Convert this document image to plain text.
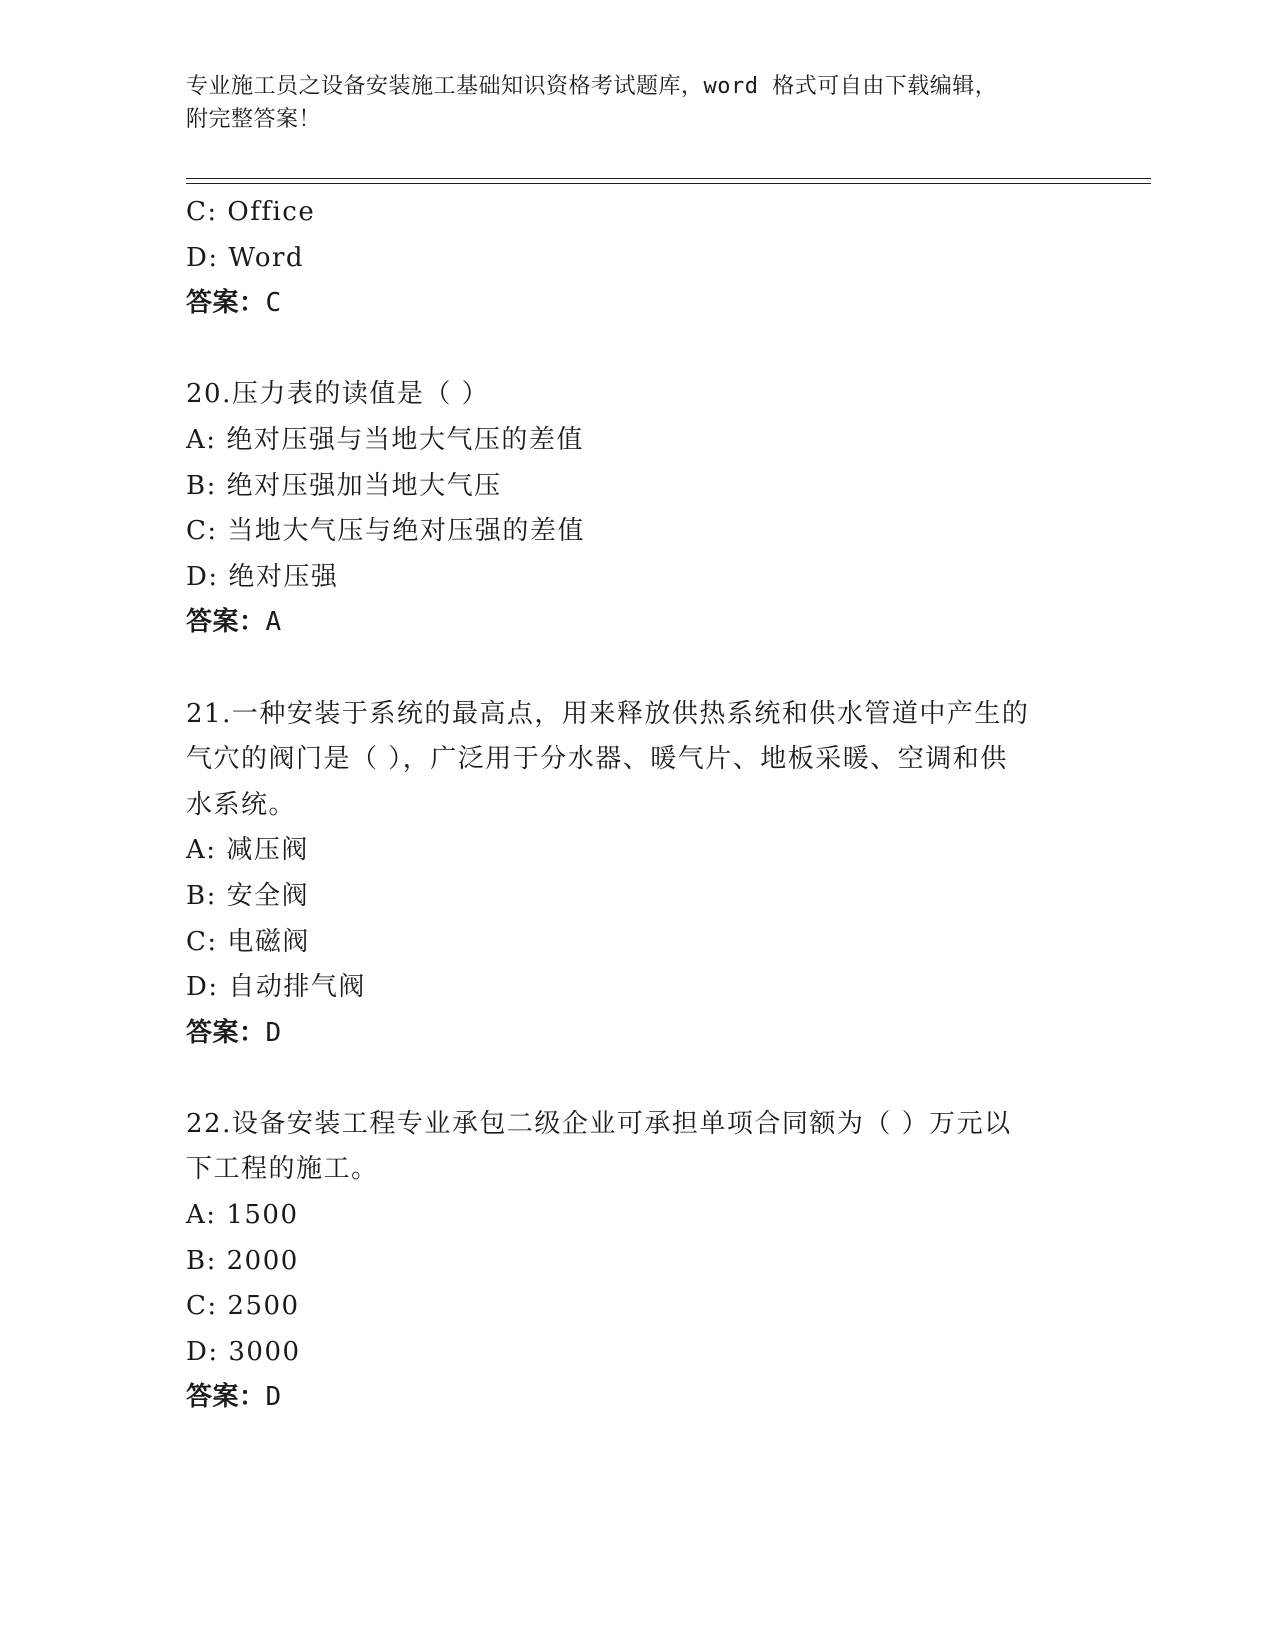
专业施工员之设备安装施工基础知识资格考试题库，word 格式可自由下载编辑，
附完整答案！
C: Office
D: Word
答案：C
20.压力表的读值是（ ）
A: 绝对压强与当地大气压的差值
B: 绝对压强加当地大气压
C: 当地大气压与绝对压强的差值
D: 绝对压强
答案：A
21.一种安装于系统的最高点，用来释放供热系统和供水管道中产生的
气穴的阀门是（ ），广泛用于分水器、暖气片、地板采暖、空调和供
水系统。
A: 减压阀
B: 安全阀
C: 电磁阀
D: 自动排气阀
答案：D
22.设备安装工程专业承包二级企业可承担单项合同额为（ ）万元以
下工程的施工。
A: 1500
B: 2000
C: 2500
D: 3000
答案：D
